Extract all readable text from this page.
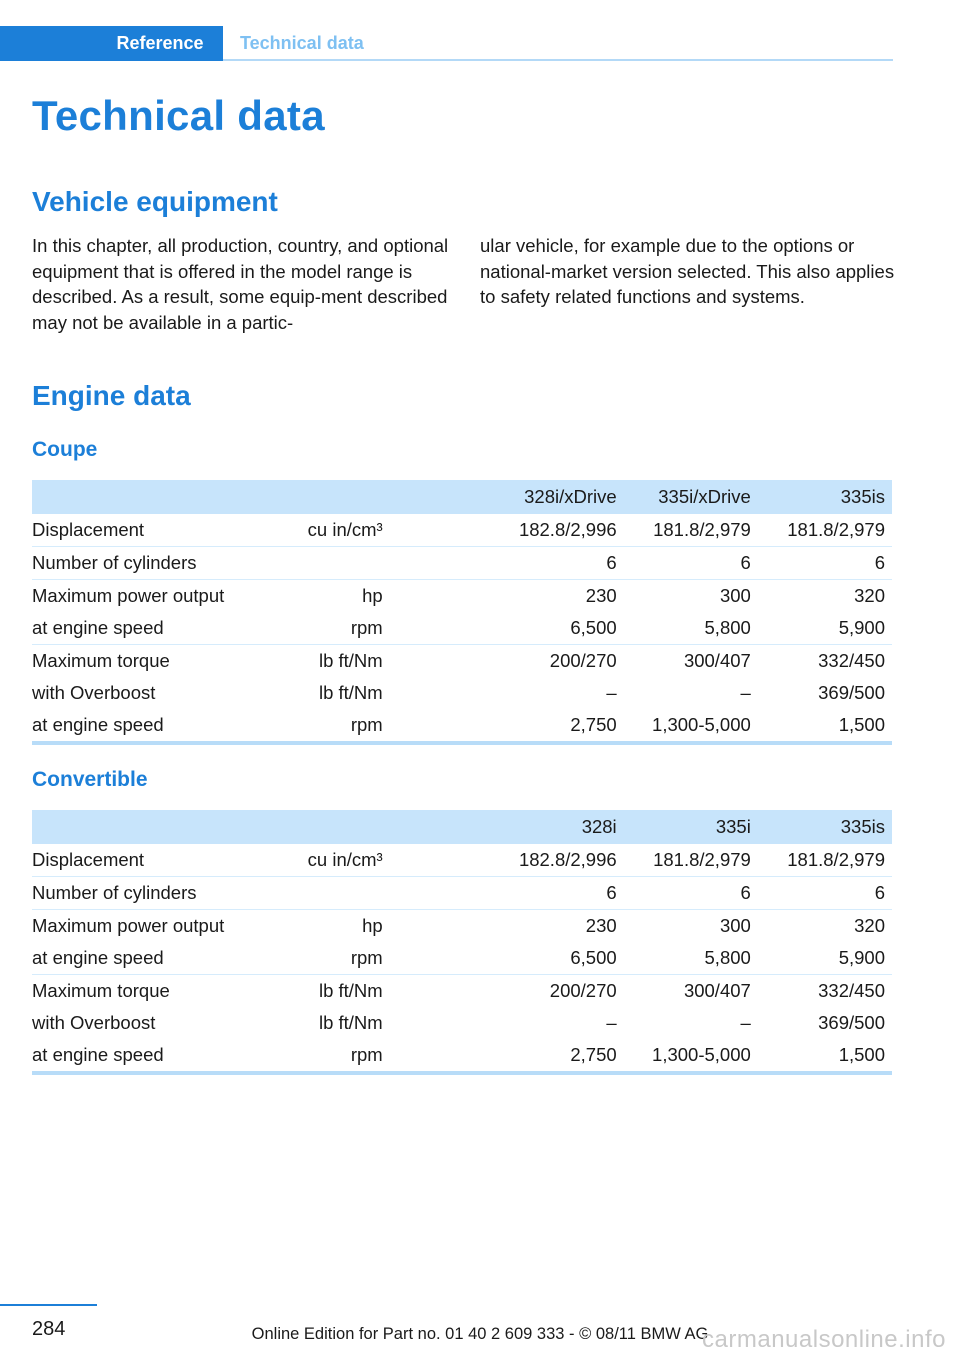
Reference	Technical data
Technical data
Vehicle equipment
In this chapter, all production, country, and optional equipment that is offered in the model range is described. As a result, some equip-ment described may not be available in a partic-
ular vehicle, for example due to the options or national-market version selected. This also applies to safety related functions and systems.
Engine data
Coupe
			328i/xDrive	335i/xDrive	335is
Displacement	cu in/cm³		182.8/2,996	181.8/2,979	181.8/2,979
Number of cylinders			6	6	6
Maximum power output	hp		230	300	320
at engine speed	rpm		6,500	5,800	5,900
Maximum torque	lb ft/Nm		200/270	300/407	332/450
with Overboost	lb ft/Nm		–	–	369/500
at engine speed	rpm		2,750	1,300-5,000	1,500
Convertible
			328i	335i	335is
Displacement	cu in/cm³		182.8/2,996	181.8/2,979	181.8/2,979
Number of cylinders			6	6	6
Maximum power output	hp		230	300	320
at engine speed	rpm		6,500	5,800	5,900
Maximum torque	lb ft/Nm		200/270	300/407	332/450
with Overboost	lb ft/Nm		–	–	369/500
at engine speed	rpm		2,750	1,300-5,000	1,500
284	Online Edition for Part no. 01 40 2 609 333 - © 08/11 BMW AG
carmanualsonline.info
